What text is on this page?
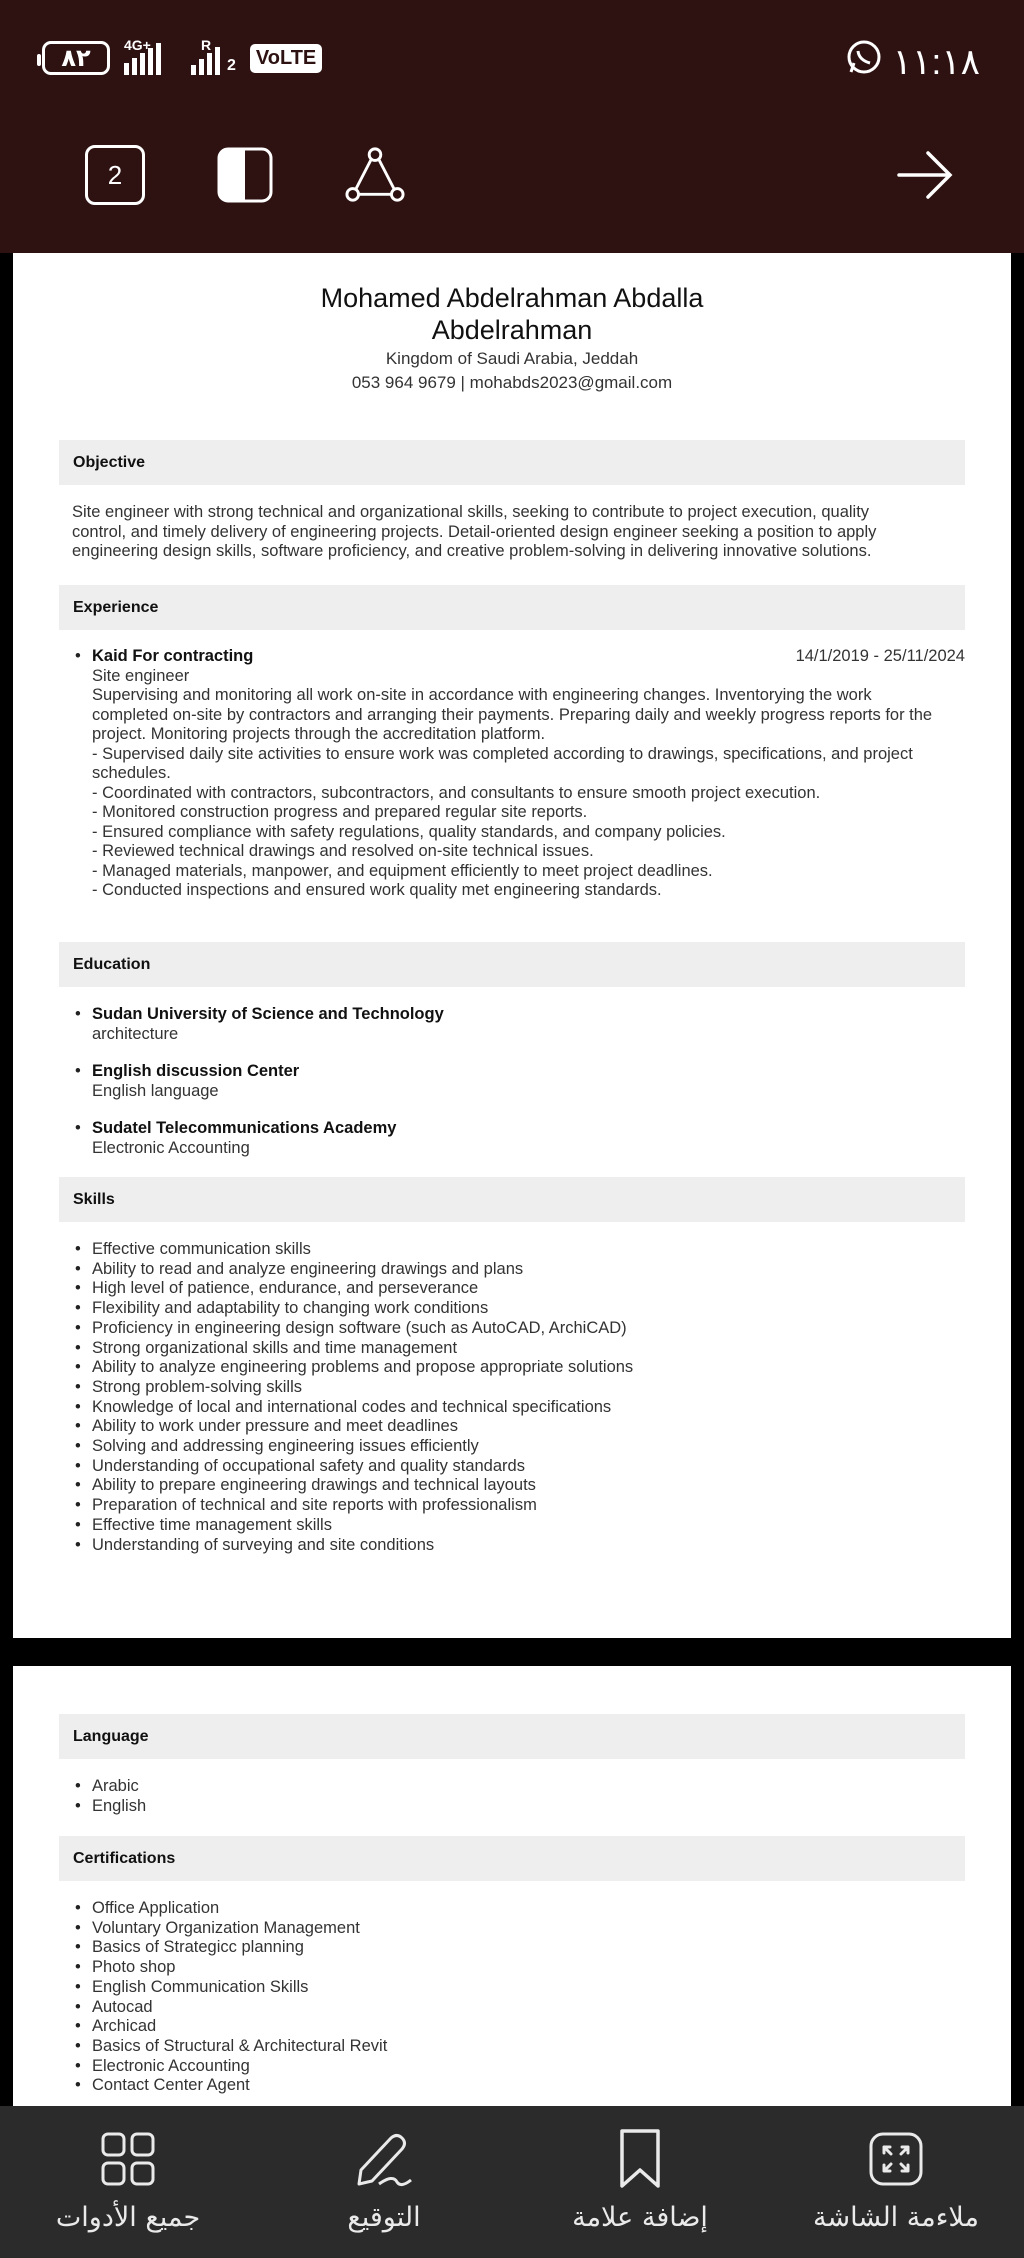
٨٢ 4G+	R
2	VoLTE	١١:١٨
2
Mohamed Abdelrahman Abdalla
Abdelrahman
Kingdom of Saudi Arabia, Jeddah
053 964 9679 | mohabds2023@gmail.com
Objective
Site engineer with strong technical and organizational skills, seeking to contribute to project execution, quality
control, and timely delivery of engineering projects. Detail-oriented design engineer seeking a position to apply
engineering design skills, software proficiency, and creative problem-solving in delivering innovative solutions.
Experience
• Kaid For contracting
Site engineer
Supervising and monitoring all work on-site in accordance with engineering changes. Inventorying the work
completed on-site by contractors and arranging their payments. Preparing daily and weekly progress reports for the
project. Monitoring projects through the accreditation platform.
- Supervised daily site activities to ensure work was completed according to drawings, specifications, and project
schedules.
- Coordinated with contractors, subcontractors, and consultants to ensure smooth project execution.
- Monitored construction progress and prepared regular site reports.
- Ensured compliance with safety regulations, quality standards, and company policies.
- Reviewed technical drawings and resolved on-site technical issues.
- Managed materials, manpower, and equipment efficiently to meet project deadlines.
- Conducted inspections and ensured work quality met engineering standards.
14/1/2019 - 25/11/2024
Education
• Sudan University of Science and Technology
architecture
• English discussion Center
English language
• Sudatel Telecommunications Academy
Electronic Accounting
Skills
• Effective communication skills
• Ability to read and analyze engineering drawings and plans
• High level of patience, endurance, and perseverance
• Flexibility and adaptability to changing work conditions
• Proficiency in engineering design software (such as AutoCAD, ArchiCAD)
• Strong organizational skills and time management
• Ability to analyze engineering problems and propose appropriate solutions
• Strong problem-solving skills
• Knowledge of local and international codes and technical specifications
• Ability to work under pressure and meet deadlines
• Solving and addressing engineering issues efficiently
• Understanding of occupational safety and quality standards
• Ability to prepare engineering drawings and technical layouts
• Preparation of technical and site reports with professionalism
• Effective time management skills
• Understanding of surveying and site conditions
Language
• Arabic
• English
Certifications
• Office Application
• Voluntary Organization Management
• Basics of Strategicc planning
• Photo shop
• English Communication Skills
• Autocad
• Archicad
• Basics of Structural & Architectural Revit
• Electronic Accounting
• Contact Center Agent
جميع الأدوات	التوقيع	إضافة علامة	ملاءمة الشاشة
